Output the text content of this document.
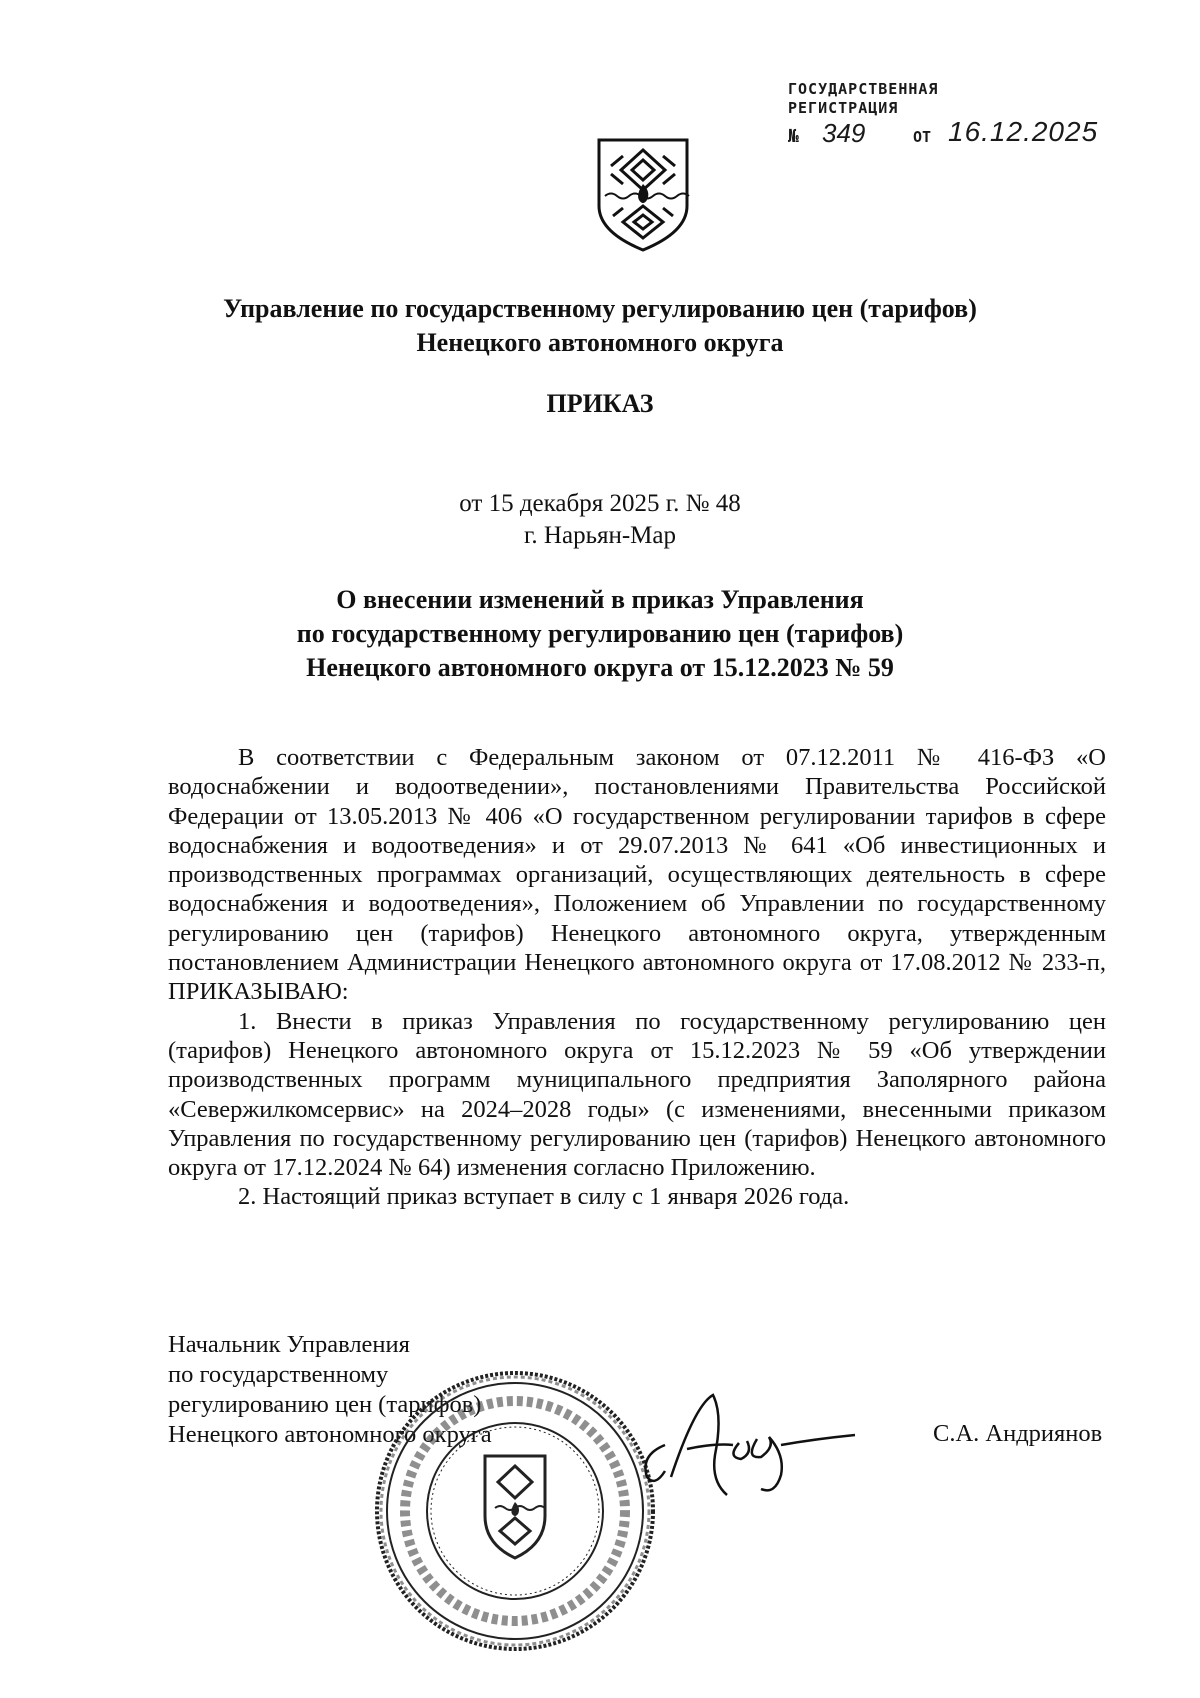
ГОСУДАРСТВЕННАЯ
РЕГИСТРАЦИЯ
№ 349	ОТ 16.12.2025
Управление по государственному регулированию цен (тарифов)
Ненецкого автономного округа
ПРИКАЗ
от 15 декабря 2025 г. № 48
г. Нарьян-Мар
О внесении изменений в приказ Управления
по государственному регулированию цен (тарифов)
Ненецкого автономного округа от 15.12.2023 № 59

В соответствии с Федеральным законом от 07.12.2011 № 416-ФЗ «О водоснабжении и водоотведении», постановлениями Правительства Российской Федерации от 13.05.2013 № 406 «О государственном регулировании тарифов в сфере водоснабжения и водоотведения» и от 29.07.2013 № 641 «Об инвестиционных и производственных программах организаций, осуществляющих деятельность в сфере водоснабжения и водоотведения», Положением об Управлении по государственному регулированию цен (тарифов) Ненецкого автономного округа, утвержденным постановлением Администрации Ненецкого автономного округа от 17.08.2012 № 233-п, ПРИКАЗЫВАЮ:

1. Внести в приказ Управления по государственному регулированию цен (тарифов) Ненецкого автономного округа от 15.12.2023 № 59 «Об утверждении производственных программ муниципального предприятия Заполярного района «Севержилкомсервис» на 2024–2028 годы» (с изменениями, внесенными приказом Управления по государственному регулированию цен (тарифов) Ненецкого автономного округа от 17.12.2024 № 64) изменения согласно Приложению.

2. Настоящий приказ вступает в силу с 1 января 2026 года.

Начальник Управления
по государственному
регулированию цен (тарифов)
Ненецкого автономного округа	С.А. Андриянов
